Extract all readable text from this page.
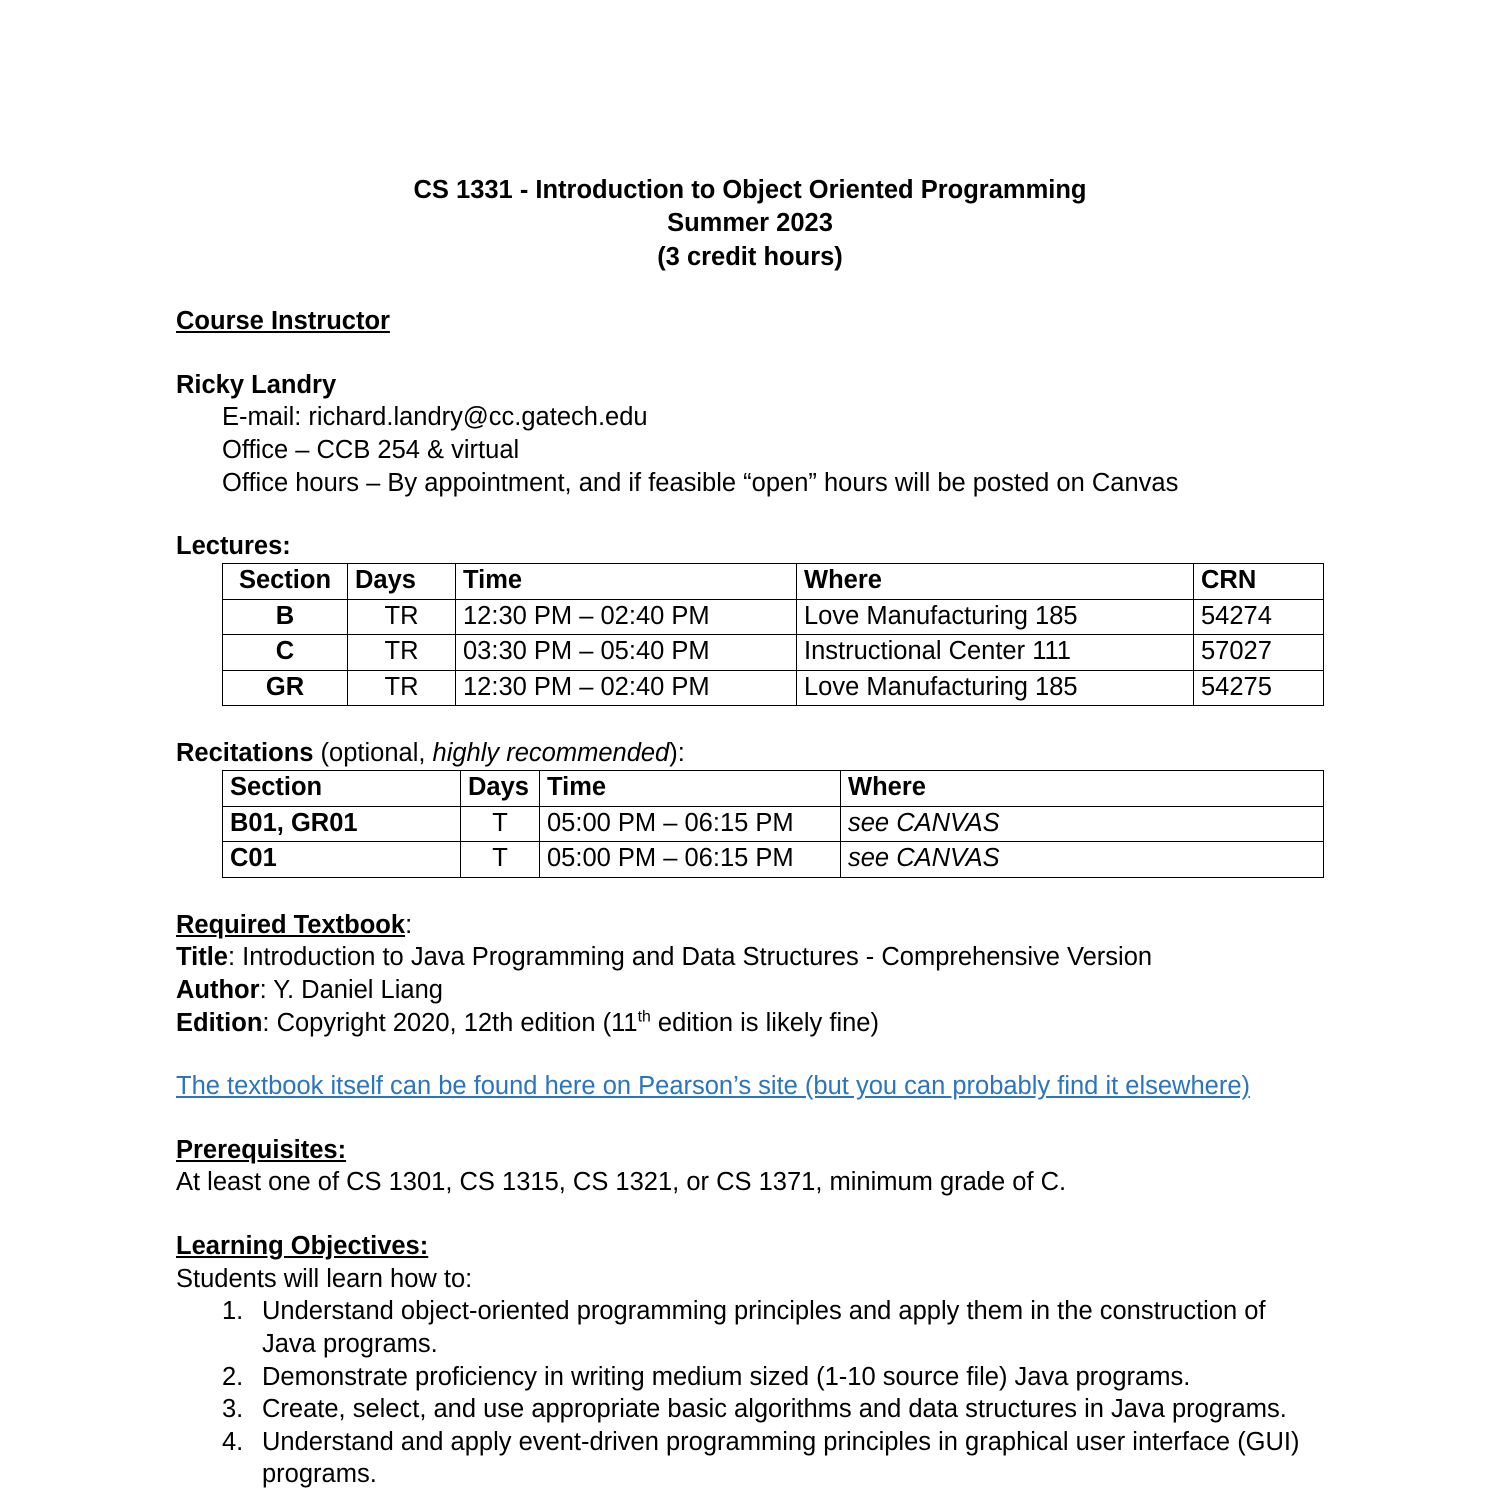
CS 1331 - Introduction to Object Oriented Programming
Summer 2023
(3 credit hours)
Course Instructor
Ricky Landry
E-mail: richard.landry@cc.gatech.edu
Office – CCB 254 & virtual
Office hours – By appointment, and if feasible “open” hours will be posted on Canvas
Lectures:
Section	Days	Time	Where	CRN
B	TR	12:30 PM – 02:40 PM	Love Manufacturing 185	54274
C	TR	03:30 PM – 05:40 PM	Instructional Center 111	57027
GR	TR	12:30 PM – 02:40 PM	Love Manufacturing 185	54275
Recitations (optional, highly recommended):
Section	Days	Time	Where
B01, GR01	T	05:00 PM – 06:15 PM	see CANVAS
C01	T	05:00 PM – 06:15 PM	see CANVAS
Required Textbook:
Title: Introduction to Java Programming and Data Structures - Comprehensive Version
Author: Y. Daniel Liang
Edition: Copyright 2020, 12th edition (11th edition is likely fine)
The textbook itself can be found here on Pearson’s site (but you can probably find it elsewhere)
Prerequisites:
At least one of CS 1301, CS 1315, CS 1321, or CS 1371, minimum grade of C.
Learning Objectives:
Students will learn how to:
1. Understand object-oriented programming principles and apply them in the construction of Java programs.
2. Demonstrate proficiency in writing medium sized (1-10 source file) Java programs.
3. Create, select, and use appropriate basic algorithms and data structures in Java programs.
4. Understand and apply event-driven programming principles in graphical user interface (GUI) programs.
